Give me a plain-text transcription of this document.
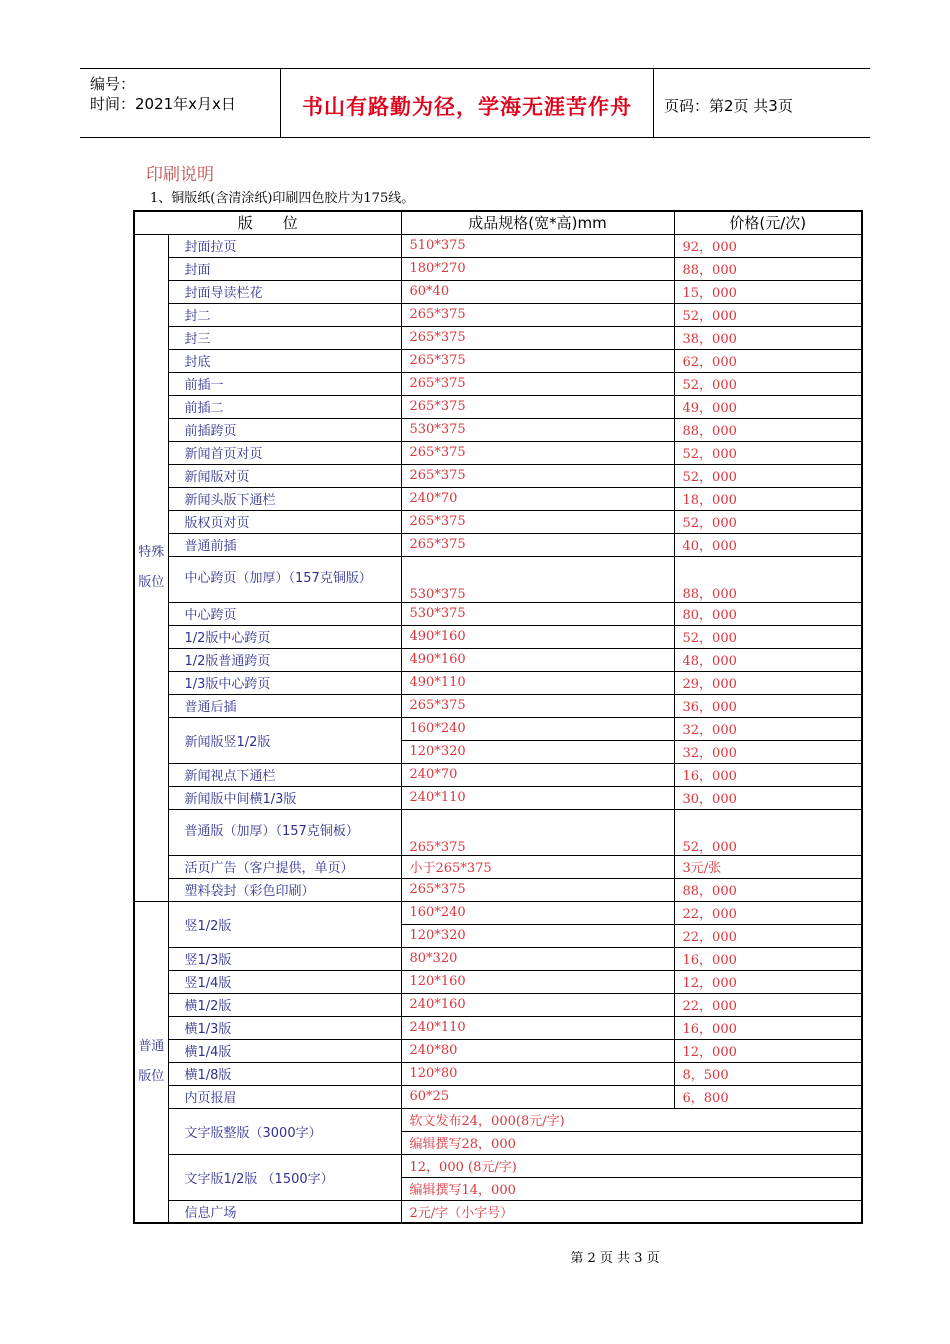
编号：
时间：2021年x月x日	书山有路勤为径，学海无涯苦作舟	页码：第2页 共3页
印刷说明
1、铜版纸(含清涂纸)印刷四色胶片为175线。
版　　位		成品规格(宽*高)mm	价格(元/次)
特殊版位	封面拉页	510*375	92，000
	封面	180*270	88，000
	封面导读栏花	60*40	15，000
	封二	265*375	52，000
	封三	265*375	38，000
	封底	265*375	62，000
	前插一	265*375	52，000
	前插二	265*375	49，000
	前插跨页	530*375	88，000
	新闻首页对页	265*375	52，000
	新闻版对页	265*375	52，000
	新闻头版下通栏	240*70	18，000
	版权页对页	265*375	52，000
	普通前插	265*375	40，000
	中心跨页（加厚）（157克铜版）	530*375	88，000
	中心跨页	530*375	80，000
	1/2版中心跨页	490*160	52，000
	1/2版普通跨页	490*160	48，000
	1/3版中心跨页	490*110	29，000
	普通后插	265*375	36，000
	新闻版竖1/2版	160*240	32，000
		120*320	32，000
	新闻视点下通栏	240*70	16，000
	新闻版中间横1/3版	240*110	30，000
	普通版（加厚）（157克铜板）	265*375	52，000
	活页广告（客户提供，单页）	小于265*375	3元/张
	塑料袋封（彩色印刷）	265*375	88，000
普通版位	竖1/2版	160*240	22，000
		120*320	22，000
	竖1/3版	80*320	16，000
	竖1/4版	120*160	12，000
	横1/2版	240*160	22，000
	横1/3版	240*110	16，000
	横1/4版	240*80	12，000
	横1/8版	120*80	8，500
	内页报眉	60*25	6，800
	文字版整版（3000字）	软文发布24，000(8元/字)	
		编辑撰写28，000	
	文字版1/2版 （1500字）	12，000 (8元/字)	
		编辑撰写14，000	
	信息广场	2元/字（小字号）	
第 2 页 共 3 页
